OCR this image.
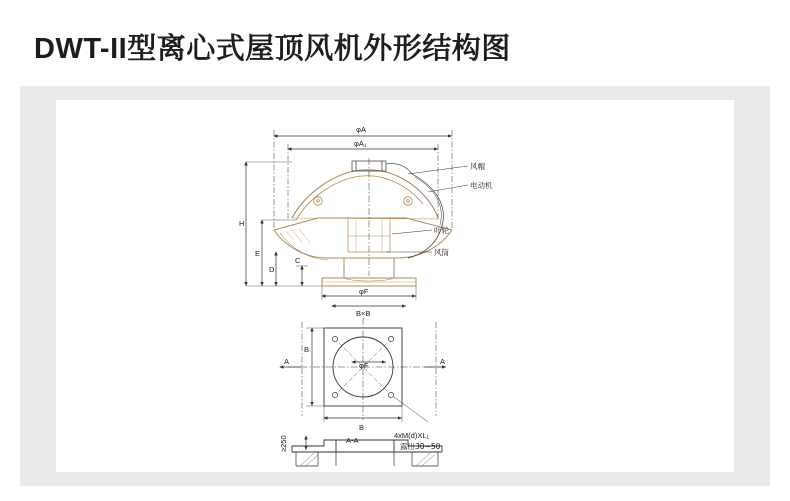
DWT-II型离心式屋顶风机外形结构图
φA
φA₁
H
E
D
C
φF
B×B
风帽
电动机
叶轮
风筒
A	A
B
φF
B
A-A
4xM(d)XL₁
露出30~50
≥250
